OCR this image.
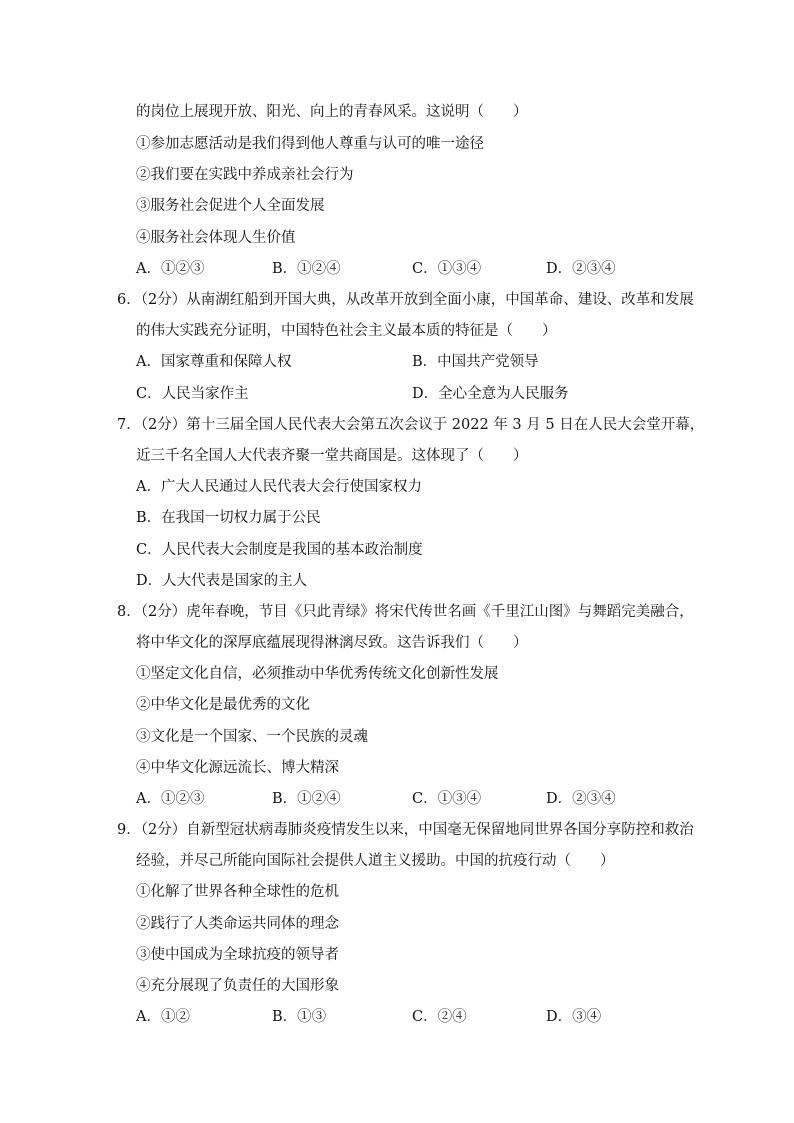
的岗位上展现开放、阳光、向上的青春风采。这说明（　　）
①参加志愿活动是我们得到他人尊重与认可的唯一途径
②我们要在实践中养成亲社会行为
③服务社会促进个人全面发展
④服务社会体现人生价值
A．①②③	B．①②④	C．①③④	D．②③④
6．（2分）从南湖红船到开国大典，从改革开放到全面小康，中国革命、建设、改革和发展
的伟大实践充分证明，中国特色社会主义最本质的特征是（　　）
A．国家尊重和保障人权	B．中国共产党领导
C．人民当家作主	D．全心全意为人民服务
7．（2分）第十三届全国人民代表大会第五次会议于 2022 年 3 月 5 日在人民大会堂开幕，
近三千名全国人大代表齐聚一堂共商国是。这体现了（　　）
A．广大人民通过人民代表大会行使国家权力
B．在我国一切权力属于公民
C．人民代表大会制度是我国的基本政治制度
D．人大代表是国家的主人
8．（2分）虎年春晚，节目《只此青绿》将宋代传世名画《千里江山图》与舞蹈完美融合，
将中华文化的深厚底蕴展现得淋漓尽致。这告诉我们（　　）
①坚定文化自信，必须推动中华优秀传统文化创新性发展
②中华文化是最优秀的文化
③文化是一个国家、一个民族的灵魂
④中华文化源远流长、博大精深
A．①②③	B．①②④	C．①③④	D．②③④
9．（2分）自新型冠状病毒肺炎疫情发生以来，中国毫无保留地同世界各国分享防控和救治
经验，并尽己所能向国际社会提供人道主义援助。中国的抗疫行动（　　）
①化解了世界各种全球性的危机
②践行了人类命运共同体的理念
③使中国成为全球抗疫的领导者
④充分展现了负责任的大国形象
A．①②	B．①③	C．②④	D．③④
